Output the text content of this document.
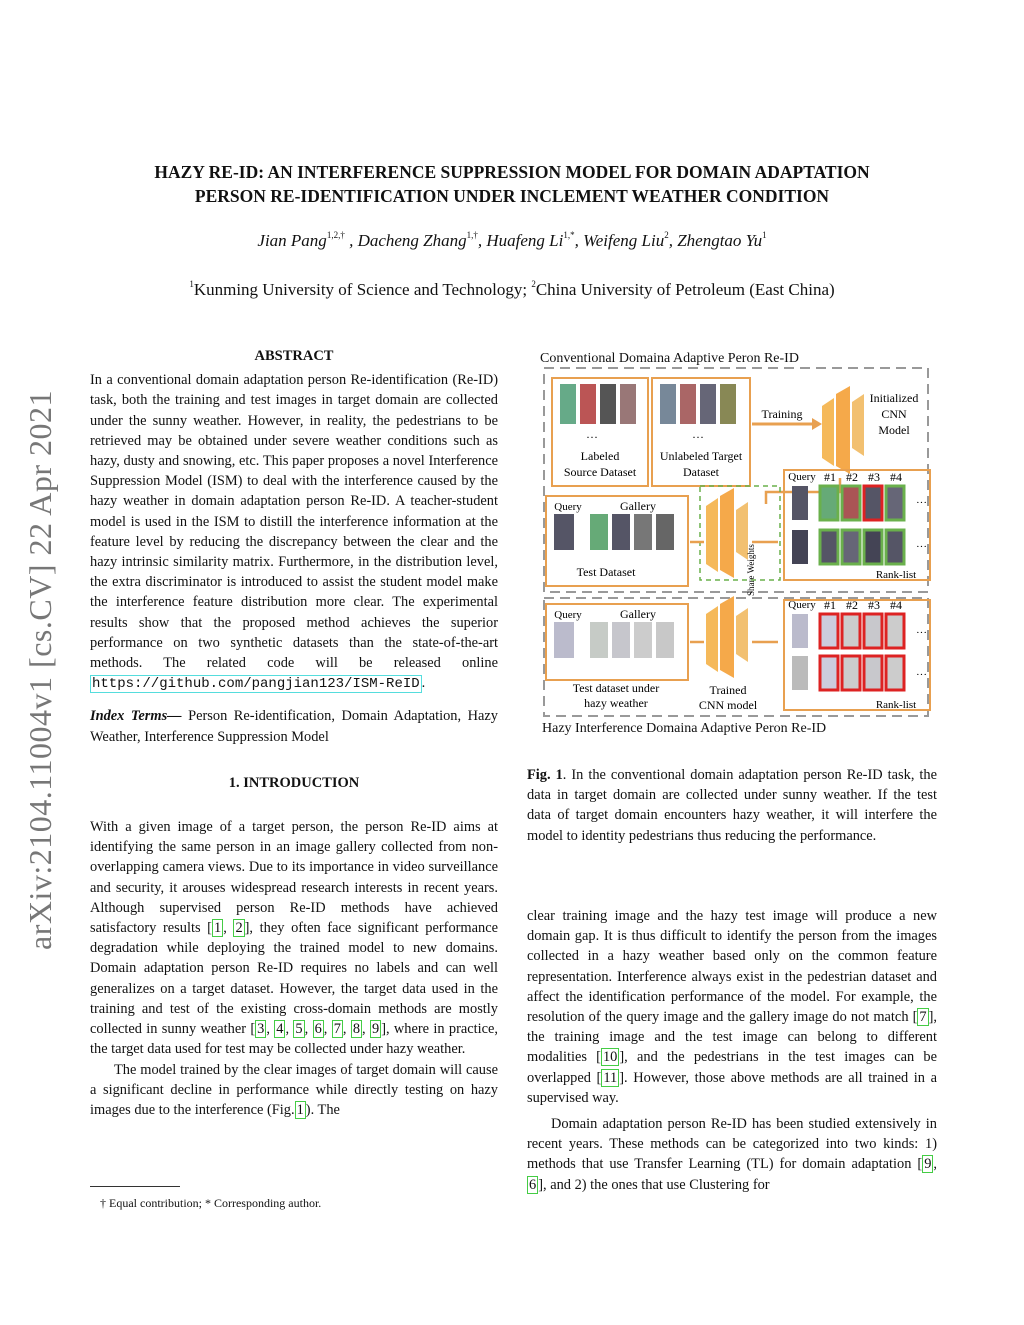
arXiv:2104.11004v1 [cs.CV] 22 Apr 2021
HAZY RE-ID: AN INTERFERENCE SUPPRESSION MODEL FOR DOMAIN ADAPTATION
PERSON RE-IDENTIFICATION UNDER INCLEMENT WEATHER CONDITION
Jian Pang$^{1,2,\dagger}$ , Dacheng Zhang$^{1,\dagger}$, Huafeng $Li^{1,*}$, Weifeng Liu$^2$, Zhengtao Yu$^1$
$^1$Kunming University of Science and Technology; $^2$China University of Petroleum (East China)
ABSTRACT

In a conventional domain adaptation person Re-identification (Re-ID) task, both the training and test images in target domain are collected under the sunny weather. However, in reality, the pedestrians to be retrieved may be obtained under severe weather conditions such as hazy, dusty and snowing, etc. This paper proposes a novel Interference Suppression Model (ISM) to deal with the interference caused by the hazy weather in domain adaptation person Re-ID. A teacher-student model is used in the ISM to distill the interference information at the feature level by reducing the discrepancy between the clear and the hazy intrinsic similarity matrix. Furthermore, in the distribution level, the extra discriminator is introduced to assist the student model make the interference feature distribution more clear. The experimental results show that the proposed method achieves the superior performance on two synthetic datasets than the state-of-the-art methods. The related code will be released online https://github.com/pangjian123/ISM-ReID .

Index Terms— Person Re-identification, Domain Adaptation, Hazy Weather, Interference Suppression Model

1. INTRODUCTION

With a given image of a target person, the person Re-ID aims at identifying the same person in an image gallery collected from non-overlapping camera views. Due to its importance in video surveillance and security, it arouses widespread research interests in recent years. Although supervised person Re-ID methods have achieved satisfactory results [ 1 , 2 ], they often face significant performance degradation while deploying the trained model to new domains. Domain adaptation person Re-ID requires no labels and can well generalizes on a target dataset. However, the target data used in the training and test of the existing cross-domain methods are mostly collected in sunny weather [ 3 , 4 , 5 , 6 , 7 , 8 , 9 ], where in practice, the target data used for test may be collected under hazy weather.

The model trained by the clear images of target domain will cause a significant decline in performance while directly testing on hazy images due to the interference (Fig. 1 ). The

† Equal contribution; * Corresponding author.
Conventional Domaina Adaptive Peron Re-ID
···	···
Labeled
Source Dataset
Unlabeled Target
Dataset
Training
Initialized
CNN
Model
Query	Gallery
Test Dataset
Query #1 #2 #3 #4
···
···
Rank-list
Share Weights
Query	Gallery
Test dataset under
hazy weather
Trained
CNN model
Query #1 #2 #3 #4
···
···
Rank-list
Hazy Interference Domaina Adaptive Peron Re-ID
Fig. 1. In the conventional domain adaptation person Re-ID task, the data in target domain are collected under sunny weather. If the test data of target domain encounters hazy weather, it will interfere the model to identity pedestrians thus reducing the performance.

clear training image and the hazy test image will produce a new domain gap. It is thus difficult to identify the person from the images collected in a hazy weather based only on the common feature representation. Interference always exist in the pedestrian dataset and affect the identification performance of the model. For example, the resolution of the query image and the gallery image do not match [ 7 ], the training image and the test image can belong to different modalities [ 10 ], and the pedestrians in the test images can be overlapped [ 11 ]. However, those above methods are all trained in a supervised way.

Domain adaptation person Re-ID has been studied extensively in recent years. These methods can be categorized into two kinds: 1) methods that use Transfer Learning (TL) for domain adaptation [ 9 , 6 ], and 2) the ones that use Clustering for
